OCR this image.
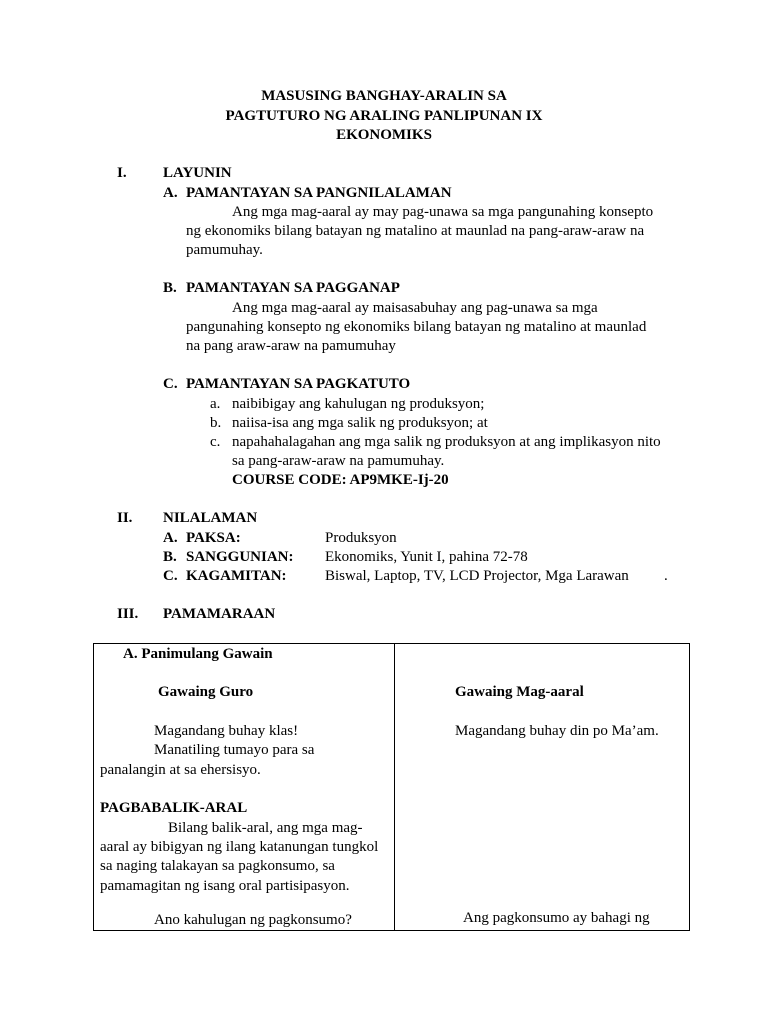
MASUSING BANGHAY-ARALIN SA
PAGTUTURO NG ARALING PANLIPUNAN IX
EKONOMIKS
I. LAYUNIN
A. PAMANTAYAN SA PANGNILALAMAN
Ang mga mag-aaral ay may pag-unawa sa mga pangunahing konsepto
ng ekonomiks bilang batayan ng matalino at maunlad na pang-araw-araw na
pamumuhay.
B. PAMANTAYAN SA PAGGANAP
Ang mga mag-aaral ay maisasabuhay ang pag-unawa sa mga
pangunahing konsepto ng ekonomiks bilang batayan ng matalino at maunlad
na pang araw-araw na pamumuhay
C. PAMANTAYAN SA PAGKATUTO
a. naibibigay ang kahulugan ng produksyon;
b. naiisa-isa ang mga salik ng produksyon; at
c. napahahalagahan ang mga salik ng produksyon at ang implikasyon nito
sa pang-araw-araw na pamumuhay.
COURSE CODE: AP9MKE-Ij-20
II. NILALAMAN
A. PAKSA:	Produksyon
B. SANGGUNIAN: Ekonomiks, Yunit I, pahina 72-78
C. KAGAMITAN:	Biswal, Laptop, TV, LCD Projector, Mga Larawan .
III. PAMAMARAAN
A. Panimulang Gawain
Gawaing Guro	Gawaing Mag-aaral
Magandang buhay klas!	Magandang buhay din po Ma’am.
Manatiling tumayo para sa
panalangin at sa ehersisyo.
PAGBABALIK-ARAL
Bilang balik-aral, ang mga mag-
aaral ay bibigyan ng ilang katanungan tungkol
sa naging talakayan sa pagkonsumo, sa
pamamagitan ng isang oral partisipasyon.
Ano kahulugan ng pagkonsumo?	Ang pagkonsumo ay bahagi ng
